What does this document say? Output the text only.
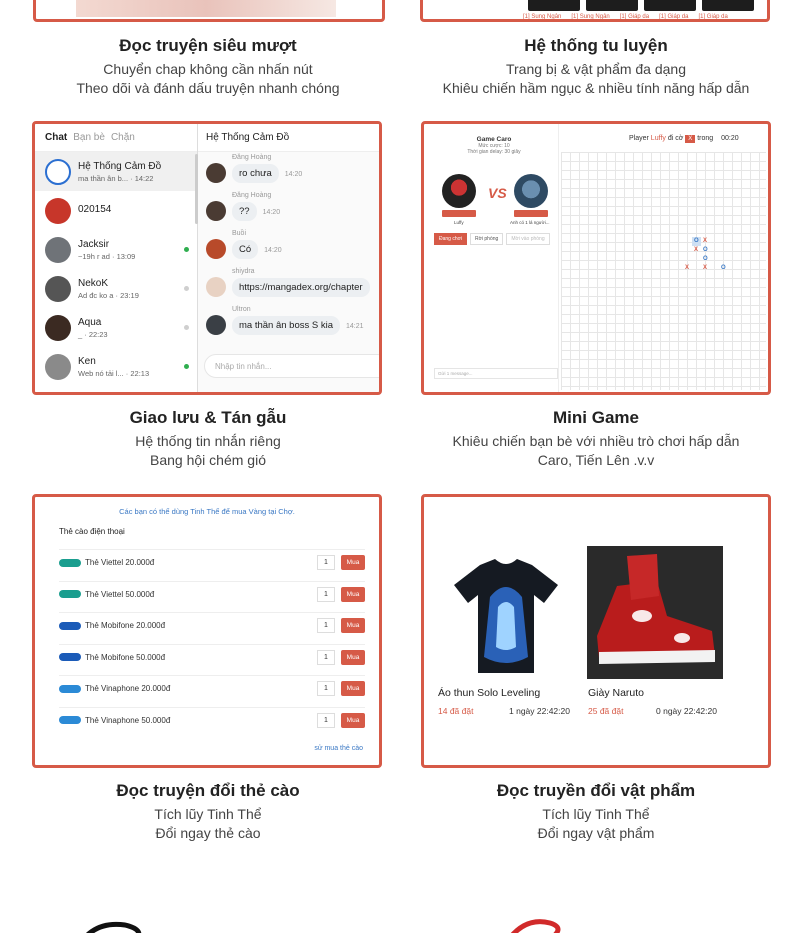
[1] Sung Ngân [1] Sung Ngân [1] Giáp da [1] Giáp da [1] Giáp da
Đọc truyện siêu mượt
Chuyển chap không cần nhấn nút
Theo dõi và đánh dấu truyện nhanh chóng
Hệ thống tu luyện
Trang bị & vật phẩm đa dạng
Khiêu chiến hầm ngục & nhiều tính năng hấp dẫn
Chat Bạn bè Chặn
Hệ Thống Cảm Đồ
ma thần ân b... · 14:22
020154
Jacksir
~19h r ad · 13:09
NekoK
Ad đc ko a · 23:19
Aqua
_ · 22:23
Ken
Web nó tải l... · 22:13
Hệ Thống Cảm Đồ
Đăng Hoàng
ro chưa 14:20
Đăng Hoàng
?? 14:20
Buồi
Có 14:20
shiydra
https://mangadex.org/chapter
Ultron
ma thần ân boss S kia 14:21
Nhập tin nhắn...
Giao lưu & Tán gẫu
Hệ thống tin nhắn riêng
Bang hội chém gió
Game Caro
Mức cược: 10
Thời gian delay: 30 giây
Luffy
VS
Anh có 1 lá người...
Đang chơi	Rời phòng	Mời vào phòng
Gửi 1 message...
Player Luffy đi cờ X trong 00:20
O X
O
X
O
X X O
Mini Game
Khiêu chiến bạn bè với nhiều trò chơi hấp dẫn
Caro, Tiến Lên .v.v
Các bạn có thể dùng Tinh Thể để mua Vàng tại Chợ.
Thẻ cào điện thoại
Thẻ Viettel 20.000đ	1	Mua
Thẻ Viettel 50.000đ	1	Mua
Thẻ Mobifone 20.000đ	1	Mua
Thẻ Mobifone 50.000đ	1	Mua
Thẻ Vinaphone 20.000đ	1	Mua
Thẻ Vinaphone 50.000đ	1	Mua
sử mua thẻ cào
Đọc truyện đổi thẻ cào
Tích lũy Tinh Thể
Đổi ngay thẻ cào
Áo thun Solo Leveling
14 đã đặt	1 ngày 22:42:20
Giày Naruto
25 đã đặt	0 ngày 22:42:20
Đọc truyền đổi vật phẩm
Tích lũy Tinh Thể
Đổi ngay vật phẩm
